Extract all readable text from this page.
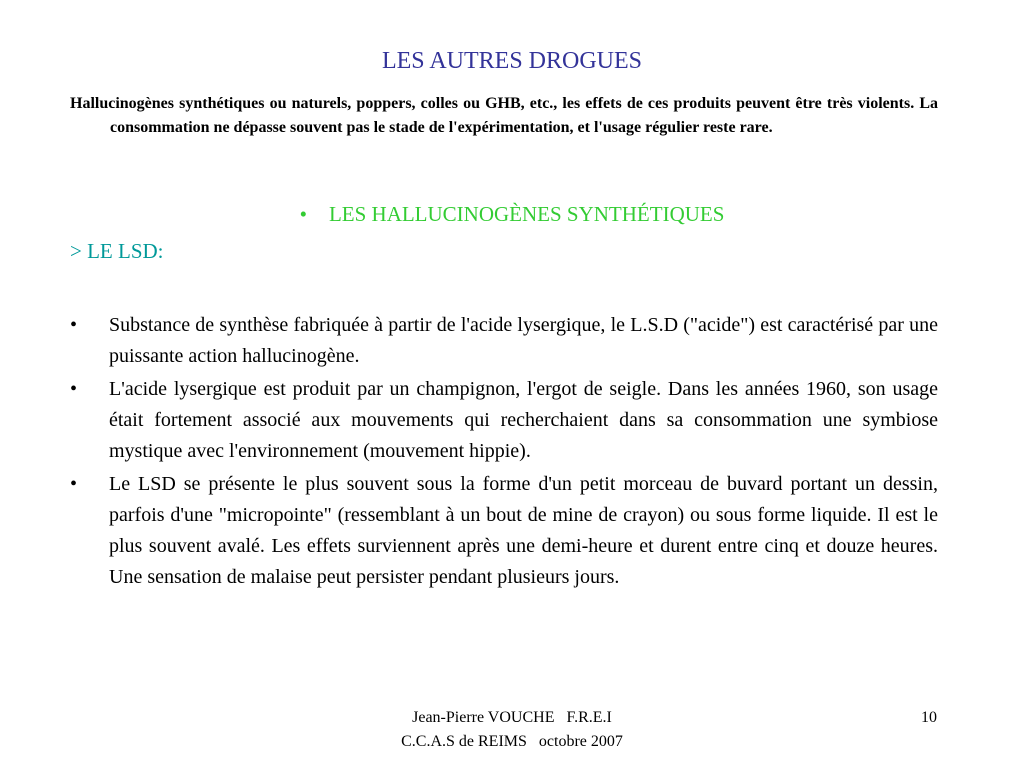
LES AUTRES DROGUES
Hallucinogènes synthétiques ou naturels, poppers, colles ou GHB, etc., les effets de ces produits peuvent être très violents. La consommation ne dépasse souvent pas le stade de l'expérimentation, et l'usage régulier reste rare.
• LES HALLUCINOGÈNES SYNTHÉTIQUES
> LE LSD:
• Substance de synthèse fabriquée à partir de l'acide lysergique, le L.S.D ("acide") est caractérisé par une puissante action hallucinogène.
• L'acide lysergique est produit par un champignon, l'ergot de seigle. Dans les années 1960, son usage était fortement associé aux mouvements qui recherchaient dans sa consommation une symbiose mystique avec l'environnement (mouvement hippie).
• Le LSD se présente le plus souvent sous la forme d'un petit morceau de buvard portant un dessin, parfois d'une "micropointe" (ressemblant à un bout de mine de crayon) ou sous forme liquide. Il est le plus souvent avalé. Les effets surviennent après une demi-heure et durent entre cinq et douze heures. Une sensation de malaise peut persister pendant plusieurs jours.
Jean-Pierre VOUCHE F.R.E.I
C.C.A.S de REIMS octobre 2007
10
